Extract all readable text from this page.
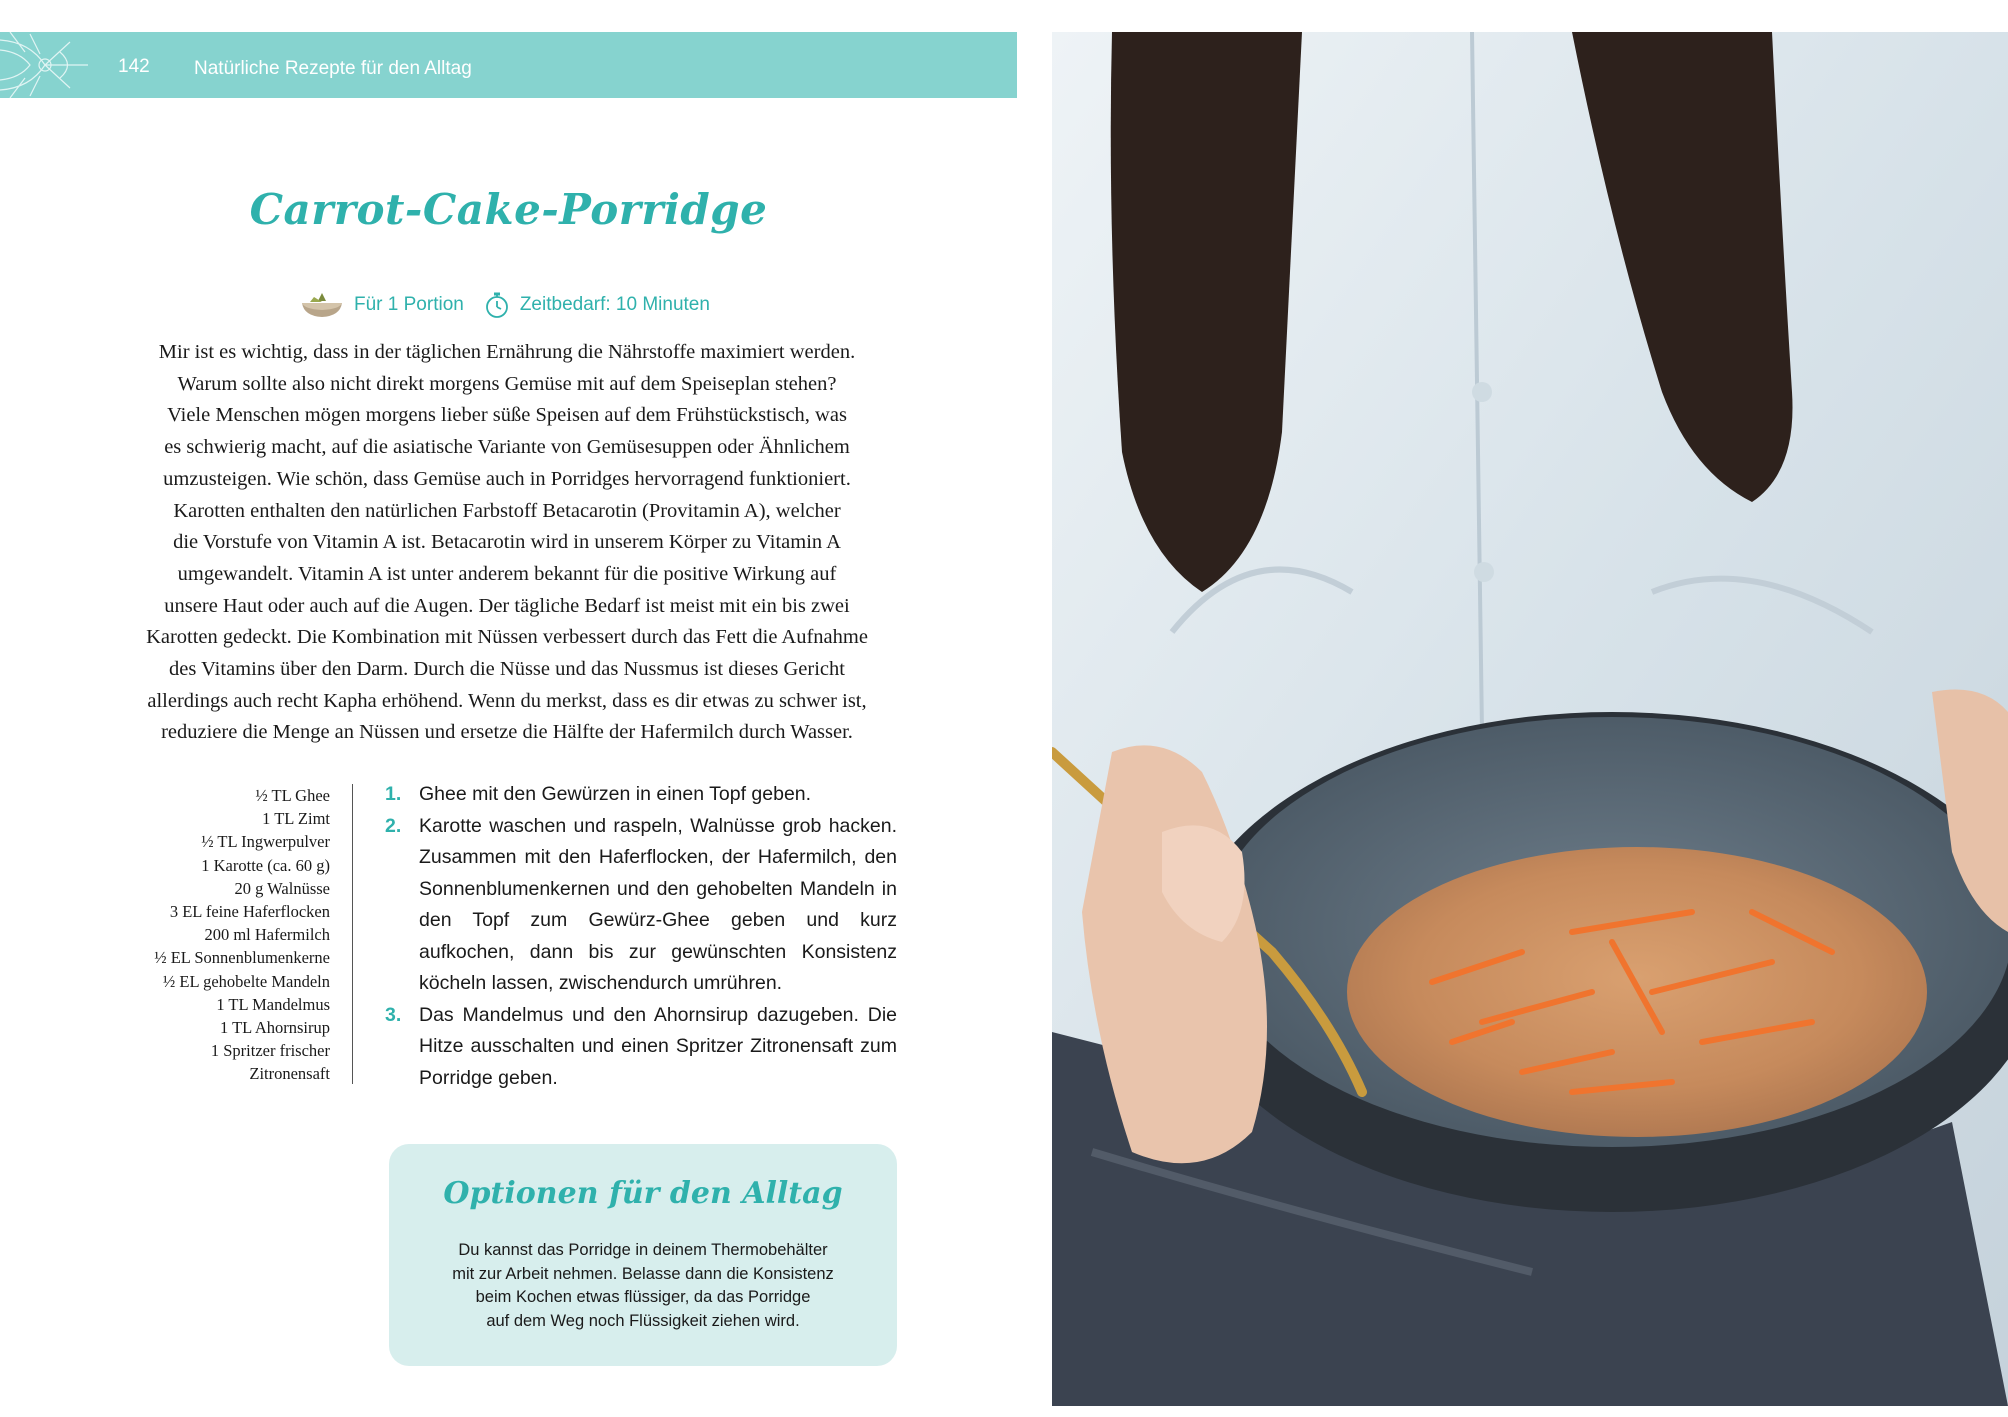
142 Natürliche Rezepte für den Alltag
Carrot-Cake-Porridge
Für 1 Portion	Zeitbedarf: 10 Minuten
Mir ist es wichtig, dass in der täglichen Ernährung die Nährstoffe maximiert werden.
Warum sollte also nicht direkt morgens Gemüse mit auf dem Speiseplan stehen?
Viele Menschen mögen morgens lieber süße Speisen auf dem Frühstückstisch, was
es schwierig macht, auf die asiatische Variante von Gemüsesuppen oder Ähnlichem
umzusteigen. Wie schön, dass Gemüse auch in Porridges hervorragend funktioniert.
Karotten enthalten den natürlichen Farbstoff Betacarotin (Provitamin A), welcher
die Vorstufe von Vitamin A ist. Betacarotin wird in unserem Körper zu Vitamin A
umgewandelt. Vitamin A ist unter anderem bekannt für die positive Wirkung auf
unsere Haut oder auch auf die Augen. Der tägliche Bedarf ist meist mit ein bis zwei
Karotten gedeckt. Die Kombination mit Nüssen verbessert durch das Fett die Aufnahme
des Vitamins über den Darm. Durch die Nüsse und das Nussmus ist dieses Gericht
allerdings auch recht Kapha erhöhend. Wenn du merkst, dass es dir etwas zu schwer ist,
reduziere die Menge an Nüssen und ersetze die Hälfte der Hafermilch durch Wasser.
½ TL Ghee
1 TL Zimt
½ TL Ingwerpulver
1 Karotte (ca. 60 g)
20 g Walnüsse
3 EL feine Haferflocken
200 ml Hafermilch
½ EL Sonnenblumenkerne
½ EL gehobelte Mandeln
1 TL Mandelmus
1 TL Ahornsirup
1 Spritzer frischer
Zitronensaft
1. Ghee mit den Gewürzen in einen Topf geben.
2. Karotte waschen und raspeln, Walnüsse grob hacken. Zusammen mit den Haferflocken, der Hafermilch, den Sonnenblumenkernen und den gehobelten Mandeln in den Topf zum Gewürz-Ghee geben und kurz aufkochen, dann bis zur gewünschten Konsistenz köcheln lassen, zwischendurch umrühren.
3. Das Mandelmus und den Ahornsirup dazugeben. Die Hitze ausschalten und einen Spritzer Zitronensaft zum Porridge geben.
Optionen für den Alltag
Du kannst das Porridge in deinem Thermobehälter
mit zur Arbeit nehmen. Belasse dann die Konsistenz
beim Kochen etwas flüssiger, da das Porridge
auf dem Weg noch Flüssigkeit ziehen wird.
